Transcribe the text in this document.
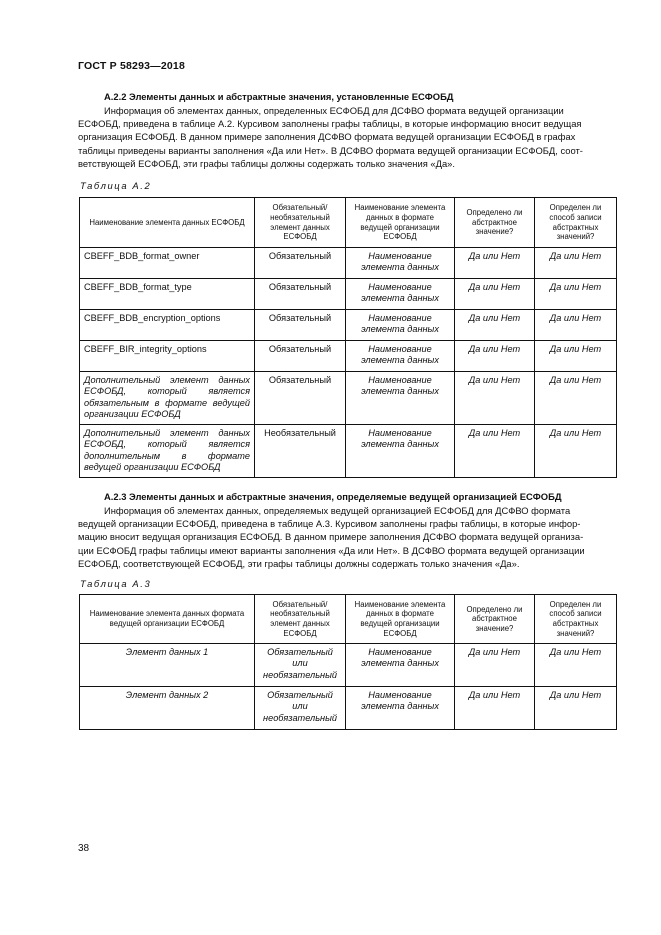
ГОСТ Р 58293—2018
А.2.2 Элементы данных и абстрактные значения, установленные ЕСФОБД
Информация об элементах данных, определенных ЕСФОБД для ДСФВО формата ведущей организации
ЕСФОБД, приведена в таблице А.2. Курсивом заполнены графы таблицы, в которые информацию вносит ведущая
организация ЕСФОБД. В данном примере заполнения ДСФВО формата ведущей организации ЕСФОБД в графах
таблицы приведены варианты заполнения «Да или Нет». В ДСФВО формата ведущей организации ЕСФОБД, соот-
ветствующей ЕСФОБД, эти графы таблицы должны содержать только значения «Да».
Таблица А.2
Наименование элемента данных ЕСФОБД	Обязательный/ необязательный элемент данных ЕСФОБД	Наименование элемента данных в формате ведущей организации ЕСФОБД	Определено ли абстрактное значение?	Определен ли способ записи абстрактных значений?
CBEFF_BDB_format_owner	Обязательный	Наименование элемента данных	Да или Нет	Да или Нет
CBEFF_BDB_format_type	Обязательный	Наименование элемента данных	Да или Нет	Да или Нет
CBEFF_BDB_encryption_options	Обязательный	Наименование элемента данных	Да или Нет	Да или Нет
CBEFF_BIR_integrity_options	Обязательный	Наименование элемента данных	Да или Нет	Да или Нет
Дополнительный элемент данных ЕСФОБД, который является обязательным в формате ведущей организации ЕСФОБД	Обязательный	Наименование элемента данных	Да или Нет	Да или Нет
Дополнительный элемент данных ЕСФОБД, который является дополнительным в формате ведущей организации ЕСФОБД	Необязательный	Наименование элемента данных	Да или Нет	Да или Нет
А.2.3 Элементы данных и абстрактные значения, определяемые ведущей организацией ЕСФОБД
Информация об элементах данных, определяемых ведущей организацией ЕСФОБД для ДСФВО формата
ведущей организации ЕСФОБД, приведена в таблице А.3. Курсивом заполнены графы таблицы, в которые инфор-
мацию вносит ведущая организация ЕСФОБД. В данном примере заполнения ДСФВО формата ведущей организа-
ции ЕСФОБД графы таблицы имеют варианты заполнения «Да или Нет». В ДСФВО формата ведущей организации
ЕСФОБД, соответствующей ЕСФОБД, эти графы таблицы должны содержать только значения «Да».
Таблица А.3
Наименование элемента данных формата ведущей организации ЕСФОБД	Обязательный/ необязательный элемент данных ЕСФОБД	Наименование элемента данных в формате ведущей организации ЕСФОБД	Определено ли абстрактное значение?	Определен ли способ записи абстрактных значений?
Элемент данных 1	Обязательный или необязательный	Наименование элемента данных	Да или Нет	Да или Нет
Элемент данных 2	Обязательный или необязательный	Наименование элемента данных	Да или Нет	Да или Нет
38
